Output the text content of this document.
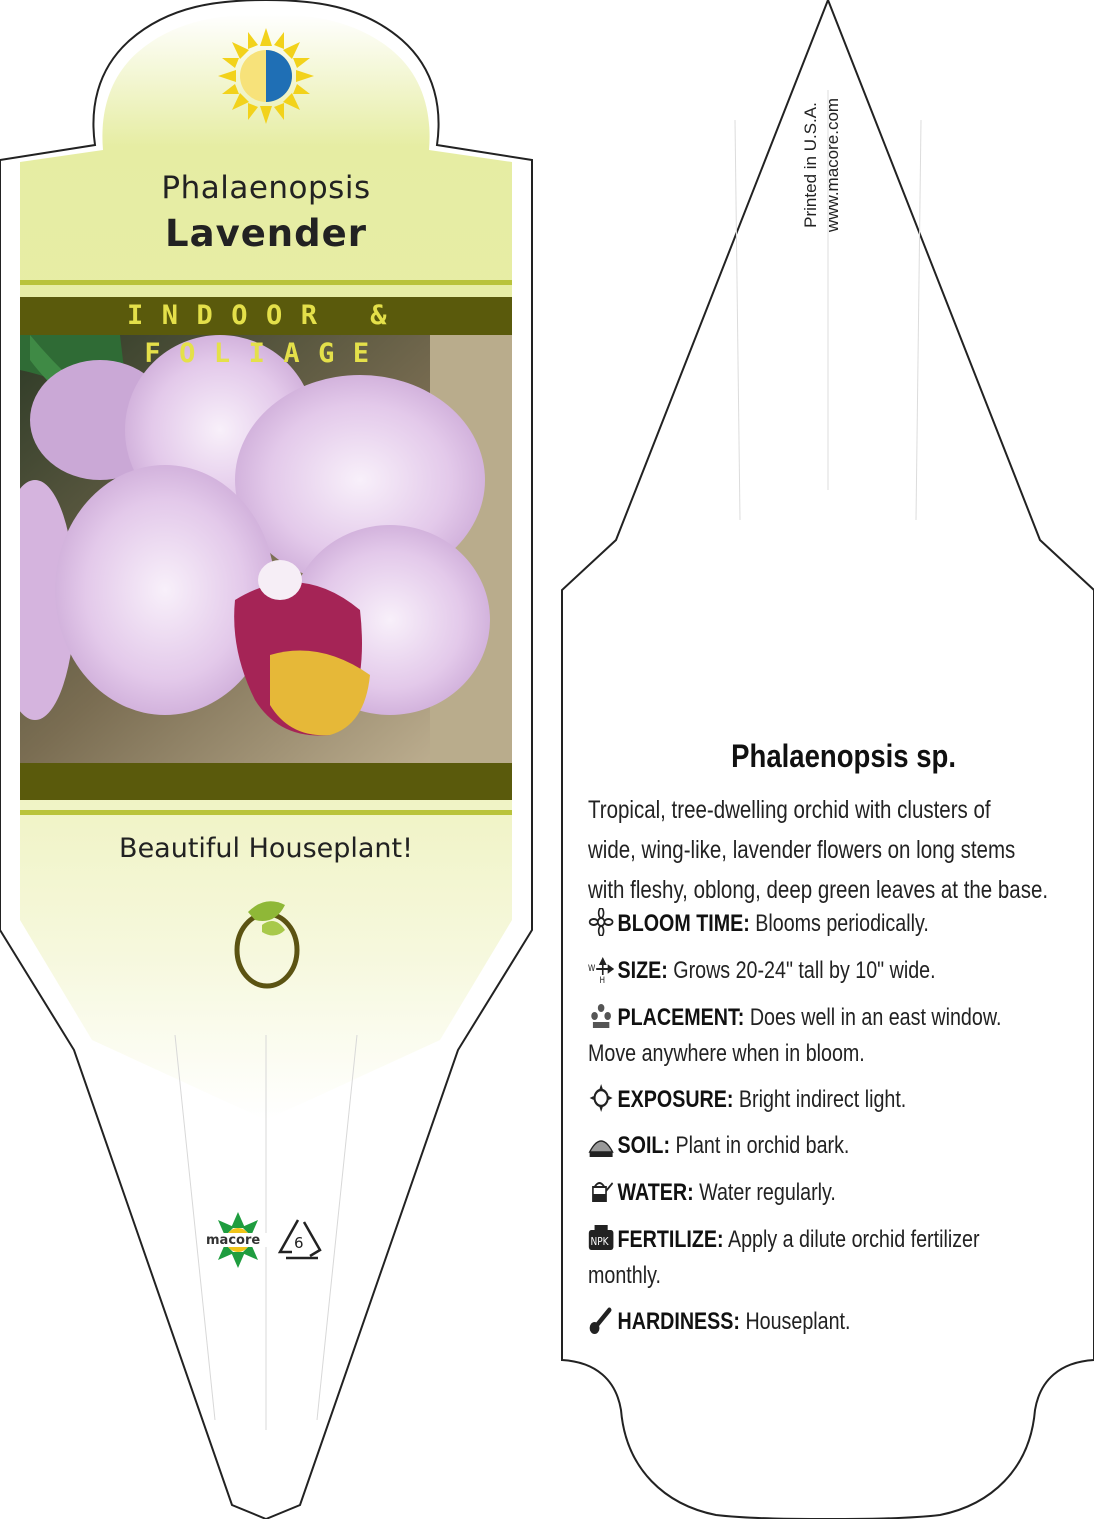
Phalaenopsis
Lavender
INDOOR & FOLIAGE
Beautiful Houseplant!
macore 6
Printed in U.S.A. www.macore.com
Phalaenopsis sp.
Tropical, tree-dwelling orchid with clusters of
wide, wing-like, lavender flowers on long stems
with fleshy, oblong, deep green leaves at the base.
BLOOM TIME: Blooms periodically.
W
H SIZE: Grows 20-24" tall by 10" wide.
PLACEMENT: Does well in an east window.
Move anywhere when in bloom.
EXPOSURE: Bright indirect light.
SOIL: Plant in orchid bark.
WATER: Water regularly.
NPK FERTILIZE: Apply a dilute orchid fertilizer
monthly.
HARDINESS: Houseplant.
